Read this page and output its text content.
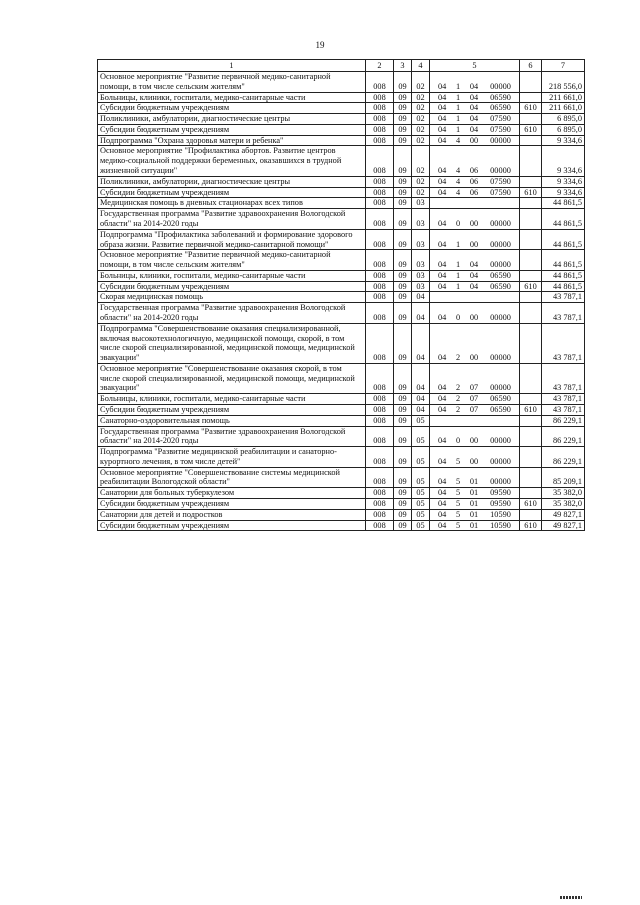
19
1	2	3	4	5	6	7
Основное мероприятие "Развитие первичной медико-санитарной помощи, в том числе сельским жителям"	008	09	02	04 1 04 00000		218 556,0
Больницы, клиники, госпитали, медико-санитарные части	008	09	02	04 1 04 06590		211 661,0
Субсидии бюджетным учреждениям	008	09	02	04 1 04 06590	610	211 661,0
Поликлиники, амбулатории, диагностические центры	008	09	02	04 1 04 07590		6 895,0
Субсидии бюджетным учреждениям	008	09	02	04 1 04 07590	610	6 895,0
Подпрограмма "Охрана здоровья матери и ребенка"	008	09	02	04 4 00 00000		9 334,6
Основное мероприятие "Профилактика абортов. Развитие центров медико-социальной поддержки беременных, оказавшихся в трудной жизненной ситуации"	008	09	02	04 4 06 00000		9 334,6
Поликлиники, амбулатории, диагностические центры	008	09	02	04 4 06 07590		9 334,6
Субсидии бюджетным учреждениям	008	09	02	04 4 06 07590	610	9 334,6
Медицинская помощь в дневных стационарах всех типов	008	09	03			44 861,5
Государственная программа "Развитие здравоохранения Вологодской области" на 2014-2020 годы	008	09	03	04 0 00 00000		44 861,5
Подпрограмма "Профилактика заболеваний и формирование здорового образа жизни. Развитие первичной медико-санитарной помощи"	008	09	03	04 1 00 00000		44 861,5
Основное мероприятие "Развитие первичной медико-санитарной помощи, в том числе сельским жителям"	008	09	03	04 1 04 00000		44 861,5
Больницы, клиники, госпитали, медико-санитарные части	008	09	03	04 1 04 06590		44 861,5
Субсидии бюджетным учреждениям	008	09	03	04 1 04 06590	610	44 861,5
Скорая медицинская помощь	008	09	04			43 787,1
Государственная программа "Развитие здравоохранения Вологодской области" на 2014-2020 годы	008	09	04	04 0 00 00000		43 787,1
Подпрограмма "Совершенствование оказания специализированной, включая высокотехнологичную, медицинской помощи, скорой, в том числе скорой специализированной, медицинской помощи, медицинской эвакуации"	008	09	04	04 2 00 00000		43 787,1
Основное мероприятие "Совершенствование оказания скорой, в том числе скорой специализированной, медицинской помощи, медицинской эвакуации"	008	09	04	04 2 07 00000		43 787,1
Больницы, клиники, госпитали, медико-санитарные части	008	09	04	04 2 07 06590		43 787,1
Субсидии бюджетным учреждениям	008	09	04	04 2 07 06590	610	43 787,1
Санаторно-оздоровительная помощь	008	09	05			86 229,1
Государственная программа "Развитие здравоохранения Вологодской области" на 2014-2020 годы	008	09	05	04 0 00 00000		86 229,1
Подпрограмма "Развитие медицинской реабилитации и санаторно-курортного лечения, в том числе детей"	008	09	05	04 5 00 00000		86 229,1
Основное мероприятие "Совершенствование системы медицинской реабилитации Вологодской области"	008	09	05	04 5 01 00000		85 209,1
Санатории для больных туберкулезом	008	09	05	04 5 01 09590		35 382,0
Субсидии бюджетным учреждениям	008	09	05	04 5 01 09590	610	35 382,0
Санатории для детей и подростков	008	09	05	04 5 01 10590		49 827,1
Субсидии бюджетным учреждениям	008	09	05	04 5 01 10590	610	49 827,1
